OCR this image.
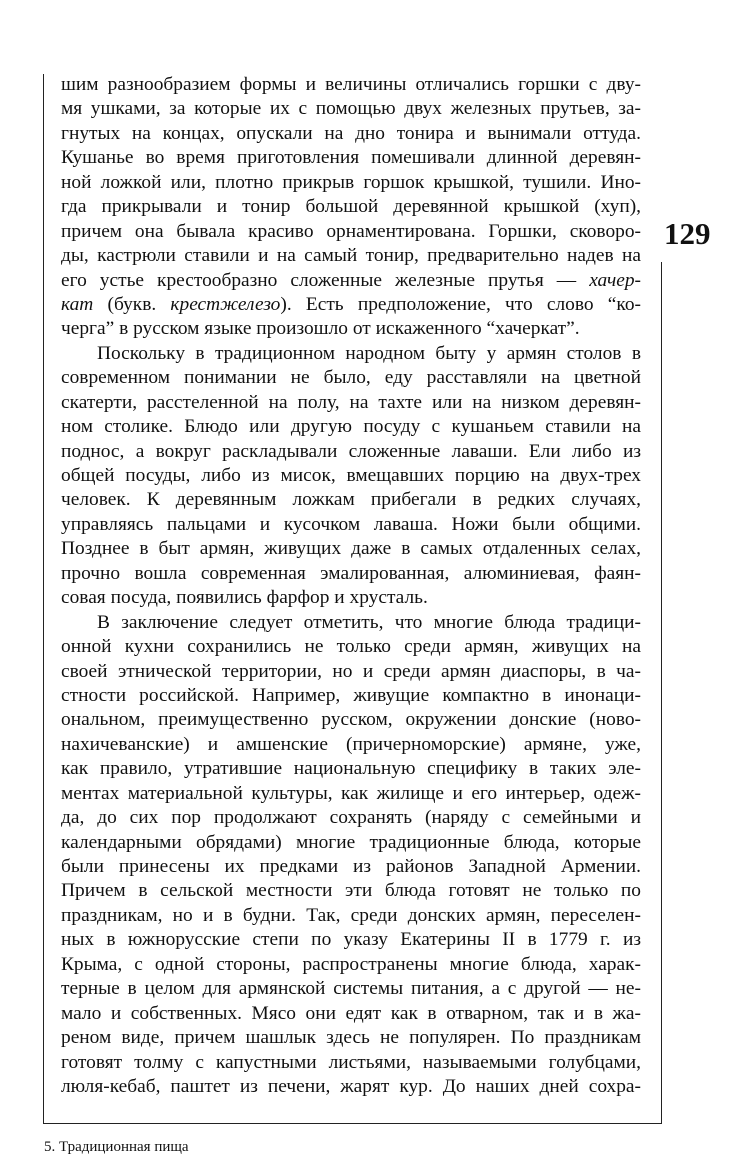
129
шим разнообразием формы и величины отличались горшки с дву-
мя ушками, за которые их с помощью двух железных прутьев, за-
гнутых на концах, опускали на дно тонира и вынимали оттуда.
Кушанье во время приготовления помешивали длинной деревян-
ной ложкой или, плотно прикрыв горшок крышкой, тушили. Ино-
гда прикрывали и тонир большой деревянной крышкой (хуп),
причем она бывала красиво орнаментирована. Горшки, сковоро-
ды, кастрюли ставили и на самый тонир, предварительно надев на
его устье крестообразно сложенные железные прутья — хачер-
кат (букв. крестжелезо). Есть предположение, что слово “ко-
черга” в русском языке произошло от искаженного “хачеркат”.
Поскольку в традиционном народном быту у армян столов в
современном понимании не было, еду расставляли на цветной
скатерти, расстеленной на полу, на тахте или на низком деревян-
ном столике. Блюдо или другую посуду с кушаньем ставили на
поднос, а вокруг раскладывали сложенные лаваши. Ели либо из
общей посуды, либо из мисок, вмещавших порцию на двух-трех
человек. К деревянным ложкам прибегали в редких случаях,
управляясь пальцами и кусочком лаваша. Ножи были общими.
Позднее в быт армян, живущих даже в самых отдаленных селах,
прочно вошла современная эмалированная, алюминиевая, фаян-
совая посуда, появились фарфор и хрусталь.
В заключение следует отметить, что многие блюда традици-
онной кухни сохранились не только среди армян, живущих на
своей этнической территории, но и среди армян диаспоры, в ча-
стности российской. Например, живущие компактно в инонаци-
ональном, преимущественно русском, окружении донские (ново-
нахичеванские) и амшенские (причерноморские) армяне, уже,
как правило, утратившие национальную специфику в таких эле-
ментах материальной культуры, как жилище и его интерьер, одеж-
да, до сих пор продолжают сохранять (наряду с семейными и
календарными обрядами) многие традиционные блюда, которые
были принесены их предками из районов Западной Армении.
Причем в сельской местности эти блюда готовят не только по
праздникам, но и в будни. Так, среди донских армян, переселен-
ных в южнорусские степи по указу Екатерины II в 1779 г. из
Крыма, с одной стороны, распространены многие блюда, харак-
терные в целом для армянской системы питания, а с другой — не-
мало и собственных. Мясо они едят как в отварном, так и в жа-
реном виде, причем шашлык здесь не популярен. По праздникам
готовят толму с капустными листьями, называемыми голубцами,
люля-кебаб, паштет из печени, жарят кур. До наших дней сохра-
5. Традиционная пища
